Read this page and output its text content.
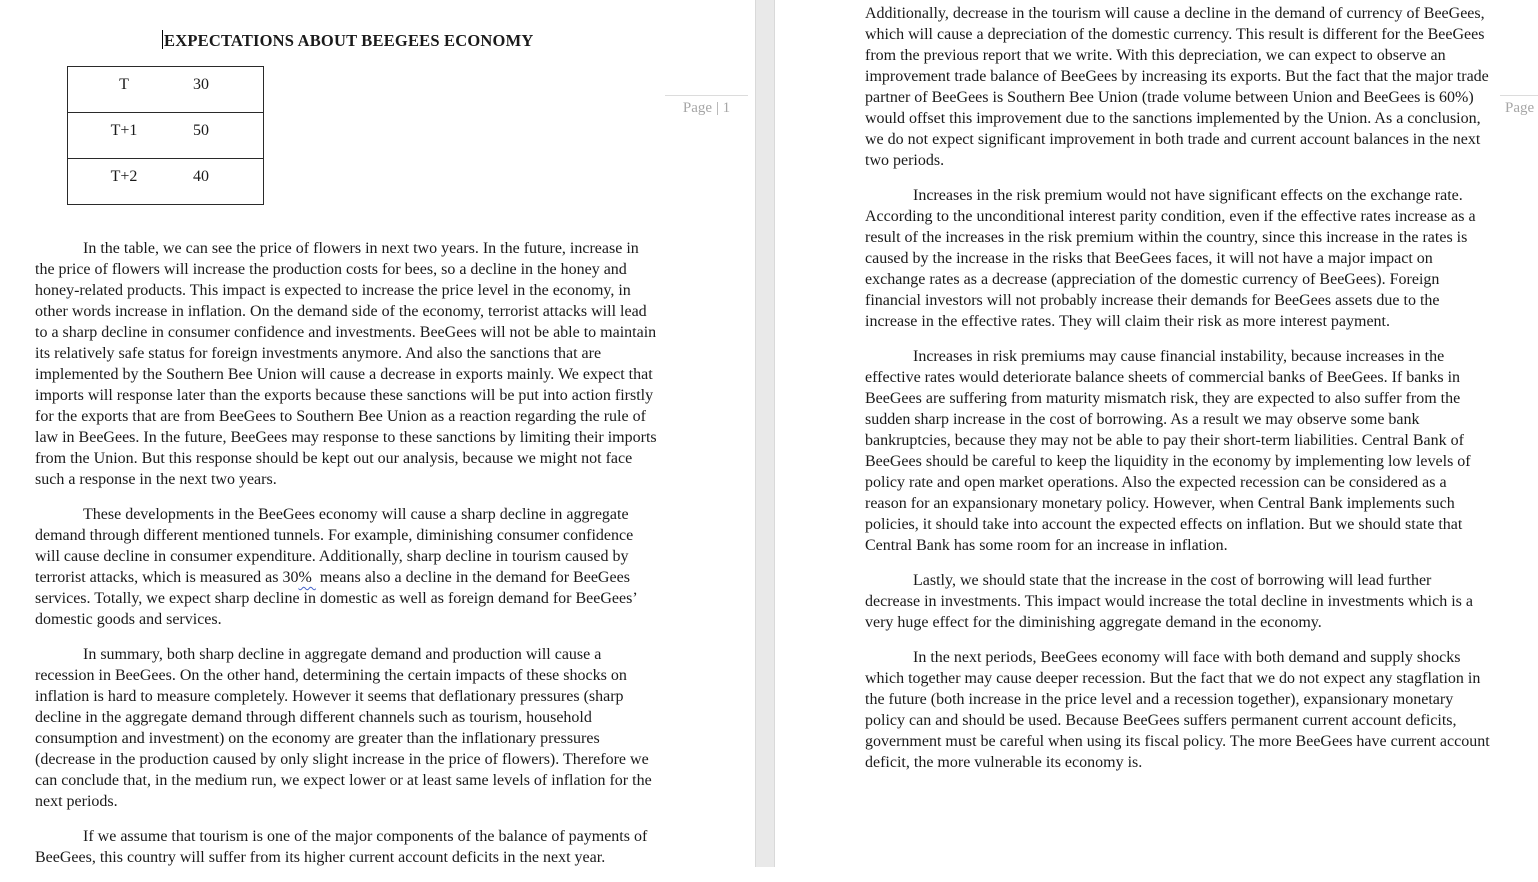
Page | 1
EXPECTATIONS ABOUT BEEGEES ECONOMY
T	30
T+1	50
T+2	40

In the table, we can see the price of flowers in next two years. In the future, increase in the price of flowers will increase the production costs for bees, so a decline in the honey and honey-related products. This impact is expected to increase the price level in the economy, in other words increase in inflation. On the demand side of the economy, terrorist attacks will lead to a sharp decline in consumer confidence and investments. BeeGees will not be able to maintain its relatively safe status for foreign investments anymore. And also the sanctions that are implemented by the Southern Bee Union will cause a decrease in exports mainly. We expect that imports will response later than the exports because these sanctions will be put into action firstly for the exports that are from BeeGees to Southern Bee Union as a reaction regarding the rule of law in BeeGees. In the future, BeeGees may response to these sanctions by limiting their imports from the Union. But this response should be kept out our analysis, because we might not face such a response in the next two years.

These developments in the BeeGees economy will cause a sharp decline in aggregate demand through different mentioned tunnels. For example, diminishing consumer confidence will cause decline in consumer expenditure. Additionally, sharp decline in tourism caused by terrorist attacks, which is measured as 30%  means also a decline in the demand for BeeGees services. Totally, we expect sharp decline in domestic as well as foreign demand for BeeGees’ domestic goods and services.

In summary, both sharp decline in aggregate demand and production will cause a recession in BeeGees. On the other hand, determining the certain impacts of these shocks on inflation is hard to measure completely. However it seems that deflationary pressures (sharp decline in the aggregate demand through different channels such as tourism, household consumption and investment) on the economy are greater than the inflationary pressures (decrease in the production caused by only slight increase in the price of flowers). Therefore we can conclude that, in the medium run, we expect lower or at least same levels of inflation for the next periods.

If we assume that tourism is one of the major components of the balance of payments of BeeGees, this country will suffer from its higher current account deficits in the next year.

Page

Additionally, decrease in the tourism will cause a decline in the demand of currency of BeeGees, which will cause a depreciation of the domestic currency. This result is different for the BeeGees from the previous report that we write. With this depreciation, we can expect to observe an improvement trade balance of BeeGees by increasing its exports. But the fact that the major trade partner of BeeGees is Southern Bee Union (trade volume between Union and BeeGees is 60%) would offset this improvement due to the sanctions implemented by the Union. As a conclusion, we do not expect significant improvement in both trade and current account balances in the next two periods.

Increases in the risk premium would not have significant effects on the exchange rate. According to the unconditional interest parity condition, even if the effective rates increase as a result of the increases in the risk premium within the country, since this increase in the rates is caused by the increase in the risks that BeeGees faces, it will not have a major impact on exchange rates as a decrease (appreciation of the domestic currency of BeeGees). Foreign financial investors will not probably increase their demands for BeeGees assets due to the increase in the effective rates. They will claim their risk as more interest payment.

Increases in risk premiums may cause financial instability, because increases in the effective rates would deteriorate balance sheets of commercial banks of BeeGees. If banks in BeeGees are suffering from maturity mismatch risk, they are expected to also suffer from the sudden sharp increase in the cost of borrowing. As a result we may observe some bank bankruptcies, because they may not be able to pay their short-term liabilities. Central Bank of BeeGees should be careful to keep the liquidity in the economy by implementing low levels of policy rate and open market operations. Also the expected recession can be considered as a reason for an expansionary monetary policy. However, when Central Bank implements such policies, it should take into account the expected effects on inflation. But we should state that Central Bank has some room for an increase in inflation.

Lastly, we should state that the increase in the cost of borrowing will lead further decrease in investments. This impact would increase the total decline in investments which is a very huge effect for the diminishing aggregate demand in the economy.

In the next periods, BeeGees economy will face with both demand and supply shocks which together may cause deeper recession. But the fact that we do not expect any stagflation in the future (both increase in the price level and a recession together), expansionary monetary policy can and should be used. Because BeeGees suffers permanent current account deficits, government must be careful when using its fiscal policy. The more BeeGees have current account deficit, the more vulnerable its economy is.
